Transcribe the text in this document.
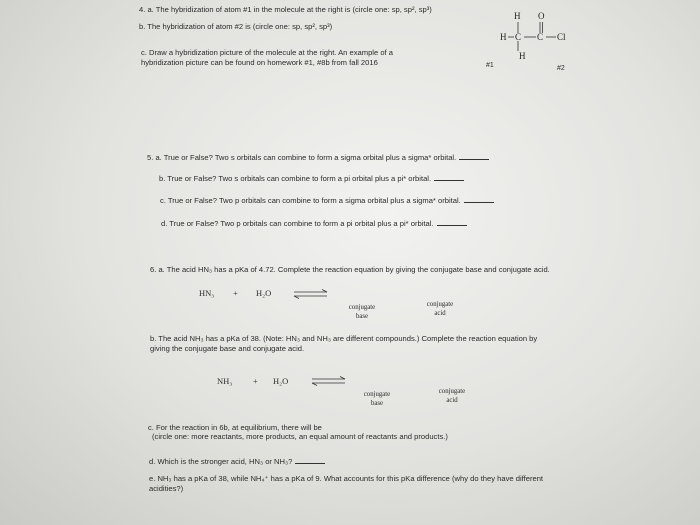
4. a. The hybridization of atom #1 in the molecule at the right is (circle one: sp, sp², sp³)
b. The hybridization of atom #2 is (circle one: sp, sp², sp³)
c. Draw a hybridization picture of the molecule at the right. An example of a
hybridization picture can be found on homework #1, #8b from fall 2016
H O
H C C Cl
H
#1	#2
5. a. True or False? Two s orbitals can combine to form a sigma orbital plus a sigma* orbital.
b. True or False? Two s orbitals can combine to form a pi orbital plus a pi* orbital.
c. True or False? Two p orbitals can combine to form a sigma orbital plus a sigma* orbital.
d. True or False? Two p orbitals can combine to form a pi orbital plus a pi* orbital.
6. a. The acid HN₃ has a pKa of 4.72. Complete the reaction equation by giving the conjugate base and conjugate acid.
HN₃ + H₂O ⇌
conjugate base
conjugate acid
b. The acid NH₃ has a pKa of 38. (Note: HN₃ and NH₃ are different compounds.) Complete the reaction equation by
giving the conjugate base and conjugate acid.
NH₃ + H₂O ⇌
conjugate base
conjugate acid
c. For the reaction in 6b, at equilibrium, there will be
(circle one: more reactants, more products, an equal amount of reactants and products.)
d. Which is the stronger acid, HN₃ or NH₃?
e. NH₃ has a pKa of 38, while NH₄⁺ has a pKa of 9. What accounts for this pKa difference (why do they have different
acidities?)
